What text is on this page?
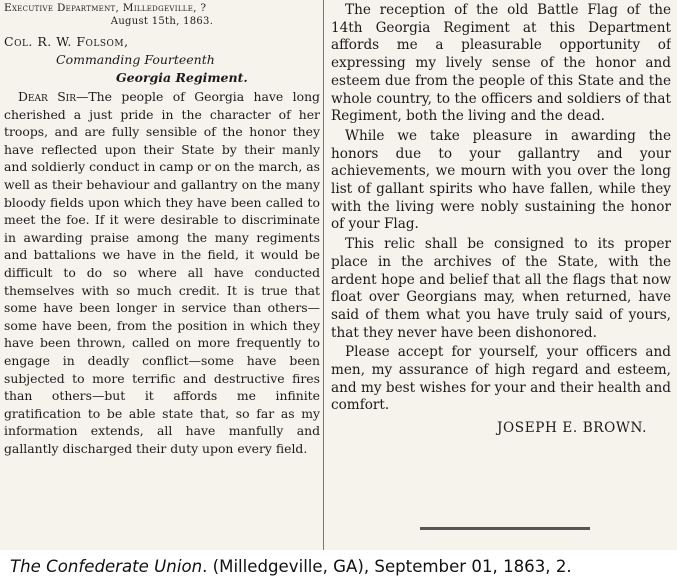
Executive Department, Milledgeville, ?
August 15th, 1863.
Col. R. W. Folsom,
Commanding Fourteenth
Georgia Regiment.

Dear Sir—The people of Georgia have long cherished a just pride in the character of her troops, and are fully sensible of the honor they have reflected upon their State by their manly and soldierly conduct in camp or on the march, as well as their behaviour and gallantry on the many bloody fields upon which they have been called to meet the foe. If it were desirable to discriminate in awarding praise among the many regiments and battalions we have in the field, it would be difficult to do so where all have conducted themselves with so much credit. It is true that some have been longer in service than others—some have been, from the position in which they have been thrown, called on more frequently to engage in deadly conflict—some have been subjected to more terrific and destructive fires than others—but it affords me infinite gratification to be able state that, so far as my information extends, all have manfully and gallantly discharged their duty upon every field.

The reception of the old Battle Flag of the 14th Georgia Regiment at this Department affords me a pleasurable opportunity of expressing my lively sense of the honor and esteem due from the people of this State and the whole country, to the officers and soldiers of that Regiment, both the living and the dead.

While we take pleasure in awarding the honors due to your gallantry and your achievements, we mourn with you over the long list of gallant spirits who have fallen, while they with the living were nobly sustaining the honor of your Flag.

This relic shall be consigned to its proper place in the archives of the State, with the ardent hope and belief that all the flags that now float over Georgians may, when returned, have said of them what you have truly said of yours, that they never have been dishonored.

Please accept for yourself, your officers and men, my assurance of high regard and esteem, and my best wishes for your and their health and comfort.

JOSEPH E. BROWN.
The Confederate Union. (Milledgeville, GA), September 01, 1863, 2.
